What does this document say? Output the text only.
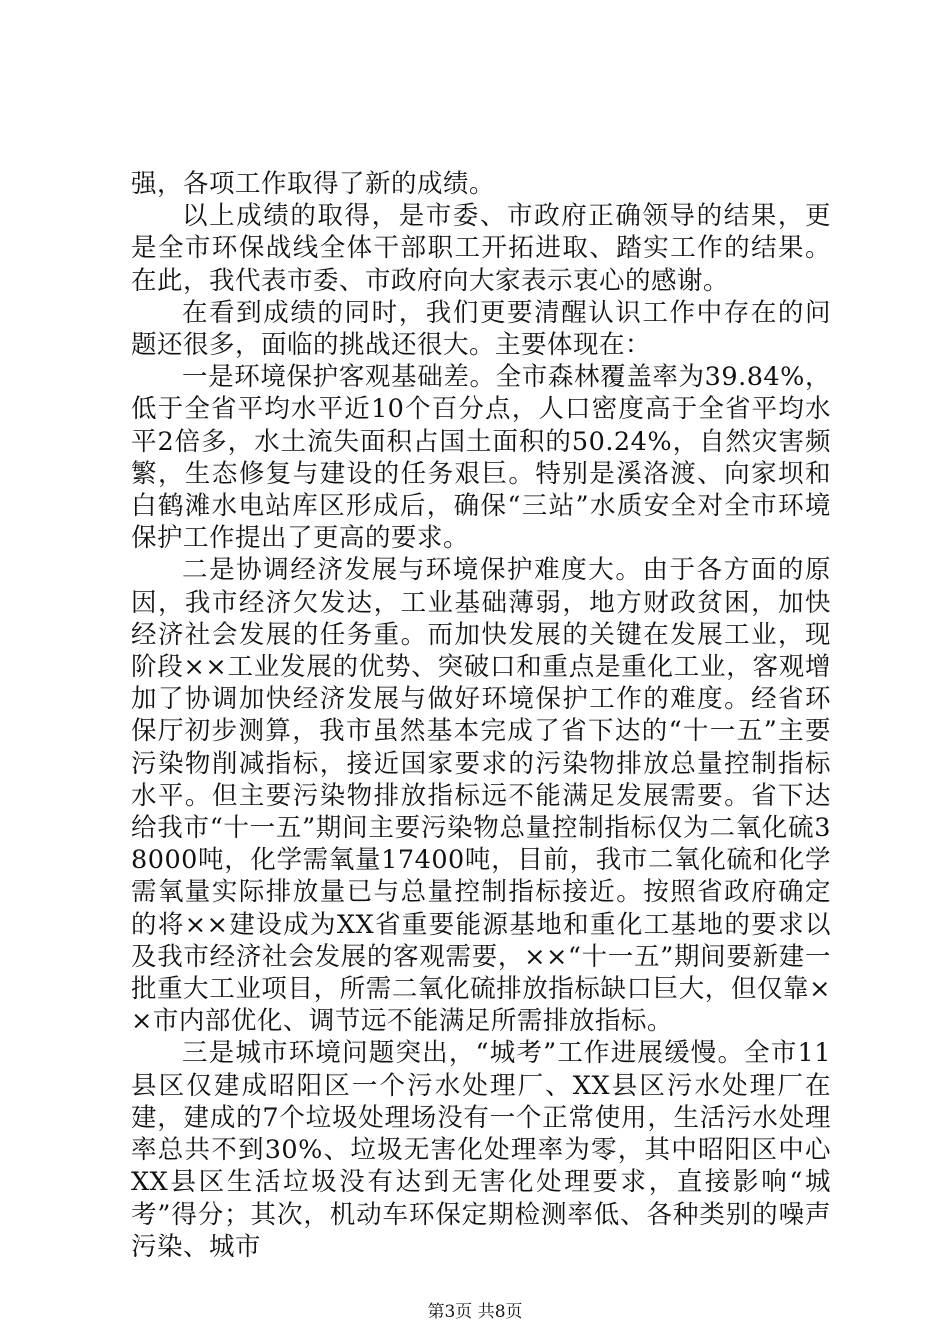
强，各项工作取得了新的成绩。

以上成绩的取得，是市委、市政府正确领导的结果，更是全市环保战线全体干部职工开拓进取、踏实工作的结果。在此，我代表市委、市政府向大家表示衷心的感谢。

在看到成绩的同时，我们更要清醒认识工作中存在的问题还很多，面临的挑战还很大。主要体现在：

一是环境保护客观基础差。全市森林覆盖率为39.84%，低于全省平均水平近10个百分点，人口密度高于全省平均水平2倍多，水土流失面积占国土面积的50.24%，自然灾害频繁，生态修复与建设的任务艰巨。特别是溪洛渡、向家坝和白鹤滩水电站库区形成后，确保“三站”水质安全对全市环境保护工作提出了更高的要求。

二是协调经济发展与环境保护难度大。由于各方面的原因，我市经济欠发达，工业基础薄弱，地方财政贫困，加快经济社会发展的任务重。而加快发展的关键在发展工业，现阶段××工业发展的优势、突破口和重点是重化工业，客观增加了协调加快经济发展与做好环境保护工作的难度。经省环保厅初步测算，我市虽然基本完成了省下达的“十一五”主要污染物削减指标，接近国家要求的污染物排放总量控制指标水平。但主要污染物排放指标远不能满足发展需要。省下达给我市“十一五”期间主要污染物总量控制指标仅为二氧化硫38000吨，化学需氧量17400吨，目前，我市二氧化硫和化学需氧量实际排放量已与总量控制指标接近。按照省政府确定的将××建设成为XX省重要能源基地和重化工基地的要求以及我市经济社会发展的客观需要，××“十一五”期间要新建一批重大工业项目，所需二氧化硫排放指标缺口巨大，但仅靠××市内部优化、调节远不能满足所需排放指标。

三是城市环境问题突出，“城考”工作进展缓慢。全市11县区仅建成昭阳区一个污水处理厂、XX县区污水处理厂在建，建成的7个垃圾处理场没有一个正常使用，生活污水处理率总共不到30%、垃圾无害化处理率为零，其中昭阳区中心XX县区生活垃圾没有达到无害化处理要求，直接影响“城考”得分；其次，机动车环保定期检测率低、各种类别的噪声污染、城市

第3页 共8页
